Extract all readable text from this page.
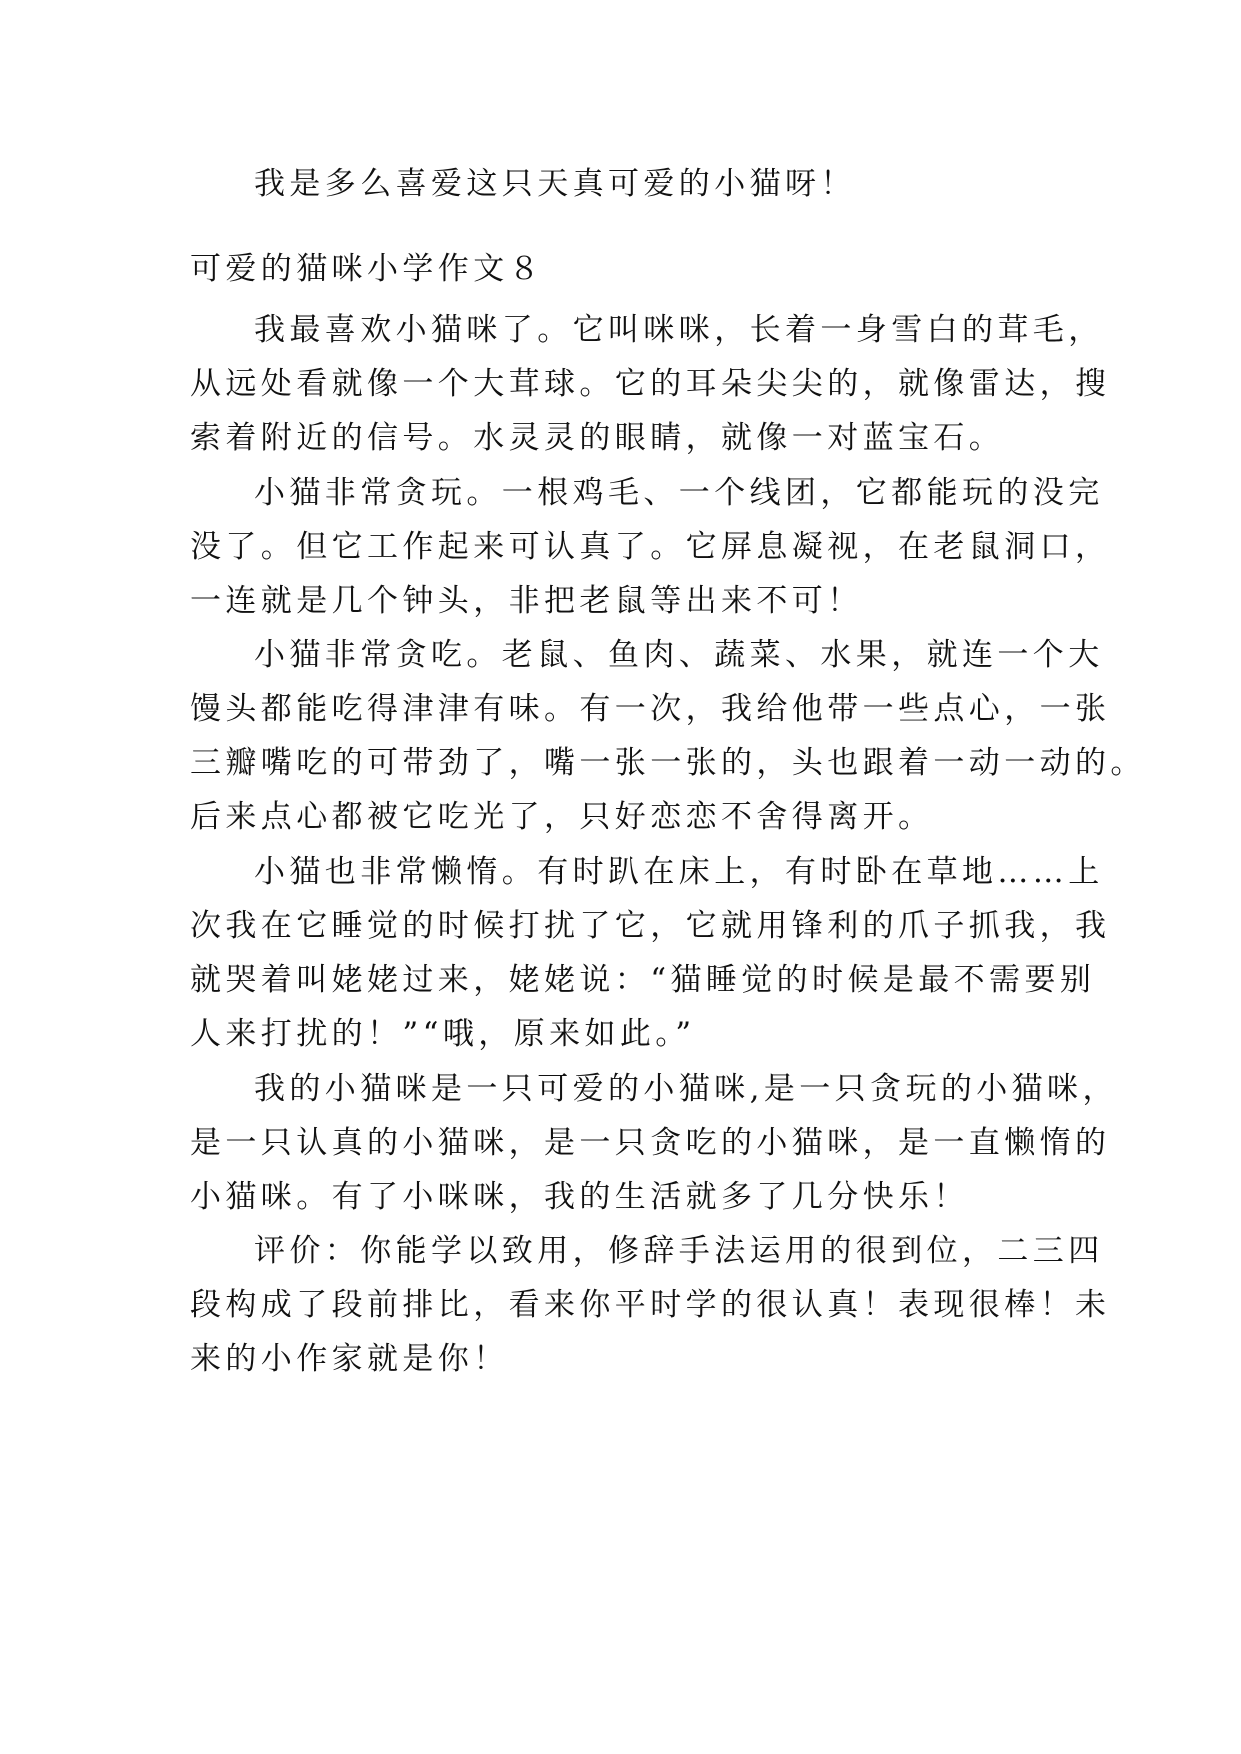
我是多么喜爱这只天真可爱的小猫呀！
可爱的猫咪小学作文８
我最喜欢小猫咪了。它叫咪咪，长着一身雪白的茸毛，
从远处看就像一个大茸球。它的耳朵尖尖的，就像雷达，搜
索着附近的信号。水灵灵的眼睛，就像一对蓝宝石。
小猫非常贪玩。一根鸡毛、一个线团，它都能玩的没完
没了。但它工作起来可认真了。它屏息凝视，在老鼠洞口，
一连就是几个钟头，非把老鼠等出来不可！
小猫非常贪吃。老鼠、鱼肉、蔬菜、水果，就连一个大
馒头都能吃得津津有味。有一次，我给他带一些点心，一张
三瓣嘴吃的可带劲了，嘴一张一张的，头也跟着一动一动的。
后来点心都被它吃光了，只好恋恋不舍得离开。
小猫也非常懒惰。有时趴在床上，有时卧在草地……上
次我在它睡觉的时候打扰了它，它就用锋利的爪子抓我，我
就哭着叫姥姥过来，姥姥说：“猫睡觉的时候是最不需要别
人来打扰的！”“哦，原来如此。”
我的小猫咪是一只可爱的小猫咪,是一只贪玩的小猫咪，
是一只认真的小猫咪，是一只贪吃的小猫咪，是一直懒惰的
小猫咪。有了小咪咪，我的生活就多了几分快乐！
评价：你能学以致用，修辞手法运用的很到位，二三四
段构成了段前排比，看来你平时学的很认真！表现很棒！未
来的小作家就是你！
